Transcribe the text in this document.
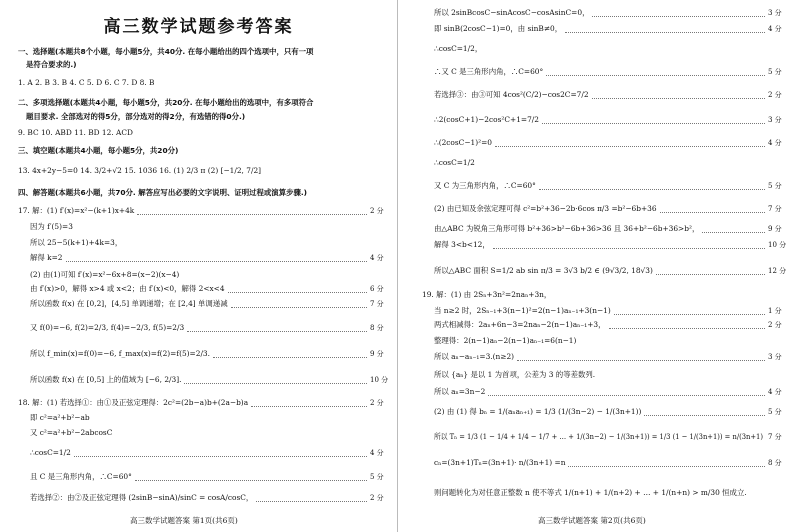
高三数学试题参考答案
一、选择题(本题共8个小题，每小题5分，共40分. 在每小题给出的四个选项中，只有一项
是符合要求的.)
1. A 2. B 3. B 4. C 5. D 6. C 7. D 8. B
二、多项选择题(本题共4小题，每小题5分，共20分. 在每小题给出的选项中，有多项符合
题目要求. 全部选对的得5分，部分选对的得2分，有选错的得0分.)
9. BC 10. ABD 11. BD 12. ACD
三、填空题(本题共4小题，每小题5分，共20分)
13. 4x+2y−5=0 14. 3/2+√2 15. 1036 16. (1) 2/3 π (2) [−1/2, 7/2]
四、解答题(本题共6小题，共70分. 解答应写出必要的文字说明、证明过程或演算步骤.)
17. 解：(1) f′(x)=x²−(k+1)x+4k	2 分
因为 f′(5)=3
所以 25−5(k+1)+4k=3，
解得 k=2	4 分
(2) 由(1)可知 f′(x)=x²−6x+8=(x−2)(x−4)
由 f′(x)>0，解得 x>4 或 x<2；由 f′(x)<0，解得 2<x<4	6 分
所以函数 f(x) 在 [0,2]，[4,5] 单调递增；在 [2,4] 单调递减	7 分
又 f(0)=−6, f(2)=2/3, f(4)=−2/3, f(5)=2/3	8 分
所以 f_min(x)=f(0)=−6, f_max(x)=f(2)=f(5)=2/3.	9 分
所以函数 f(x) 在 [0,5] 上的值域为 [−6, 2/3].	10 分
18. 解：(1) 若选择①：由①及正弦定理得：2c²=(2b−a)b+(2a−b)a	2 分
即 c²=a²+b²−ab
又 c²=a²+b²−2abcosC
∴cosC=1/2	4 分
且 C 是三角形内角，∴C=60°	5 分
若选择②：由②及正弦定理得 (2sinB−sinA)/sinC = cosA/cosC，	2 分
高三数学试题答案 第1页(共6页)
所以 2sinBcosC−sinAcosC−cosAsinC=0，	3 分
即 sinB(2cosC−1)=0，由 sinB≠0，	4 分
∴cosC=1/2，
∴又 C 是三角形内角，∴C=60°	5 分
若选择③：由③可知 4cos²(C/2)−cos2C=7/2	2 分
∴2(cosC+1)−2cos²C+1=7/2	3 分
∴(2cosC−1)²=0	4 分
∴cosC=1/2
又 C 为三角形内角，∴C=60°	5 分
(2) 由已知及余弦定理可得 c²=b²+36−2b·6cos π/3 =b²−6b+36	7 分
由△ABC 为锐角三角形可得 b²+36>b²−6b+36>36 且 36+b²−6b+36>b²，	9 分
解得 3<b<12，	10 分
所以△ABC 面积 S=1/2 ab sin π/3 = 3√3 b/2 ∈ (9√3/2, 18√3)	12 分
19. 解：(1) 由 2Sₙ+3n²=2naₙ+3n，
当 n≥2 时，2Sₙ₋₁+3(n−1)²=2(n−1)aₙ₋₁+3(n−1)	1 分
两式相减得：2aₙ+6n−3=2naₙ−2(n−1)aₙ₋₁+3，	2 分
整理得：2(n−1)aₙ−2(n−1)aₙ₋₁=6(n−1)
所以 aₙ−aₙ₋₁=3.(n≥2)	3 分
所以 {aₙ} 是以 1 为首项，公差为 3 的等差数列.
所以 aₙ=3n−2	4 分
(2) 由 (1) 得 bₙ = 1/(aₙaₙ₊₁) = 1/3 (1/(3n−2) − 1/(3n+1))	5 分
所以 Tₙ = 1/3 (1 − 1/4 + 1/4 − 1/7 + … + 1/(3n−2) − 1/(3n+1)) = 1/3 (1 − 1/(3n+1)) = n/(3n+1) 7 分
cₙ=(3n+1)Tₙ=(3n+1)· n/(3n+1) =n	8 分
则问题转化为对任意正整数 n 使不等式 1/(n+1) + 1/(n+2) + … + 1/(n+n) > m/30 恒成立.
高三数学试题答案 第2页(共6页)
